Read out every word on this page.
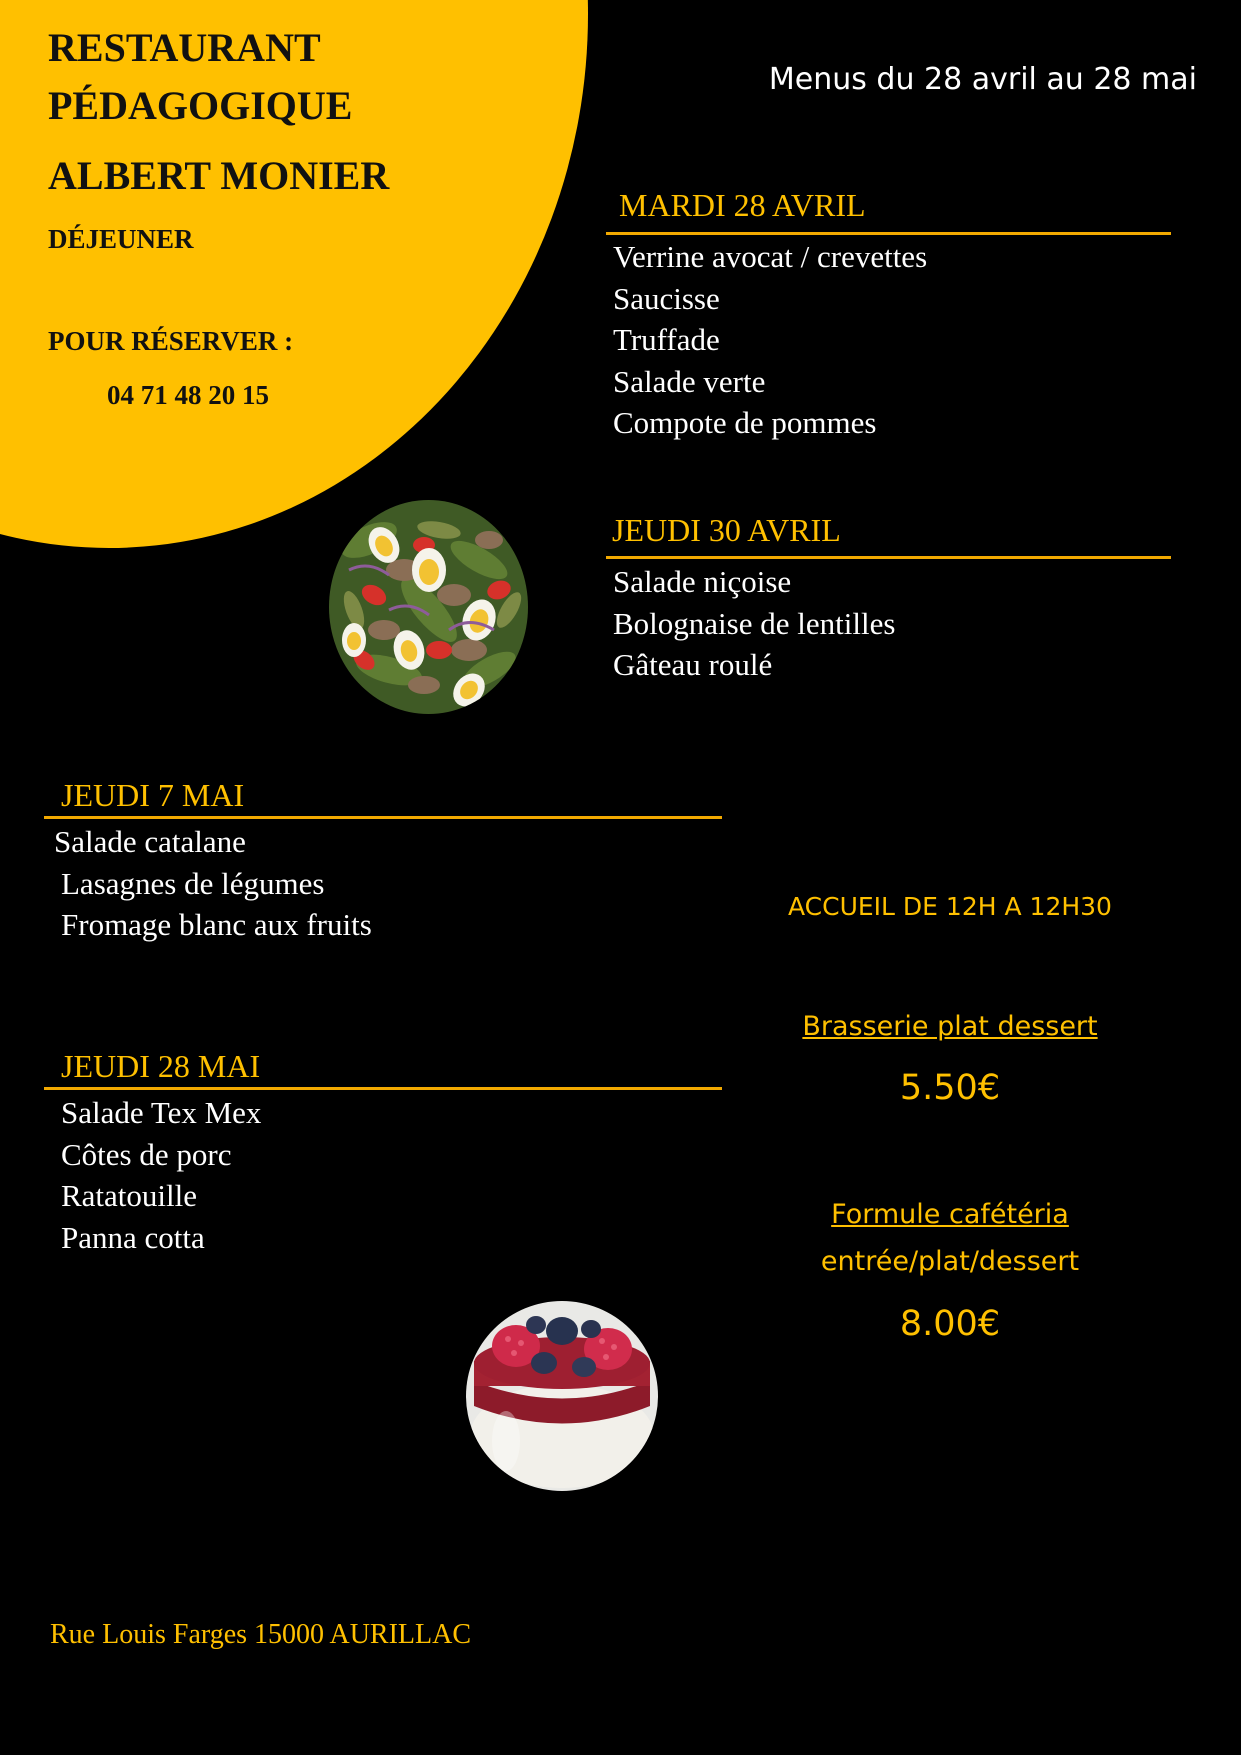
RESTAURANT
PÉDAGOGIQUE
ALBERT MONIER
DÉJEUNER
POUR RÉSERVER :
04 71 48 20 15
Menus du 28 avril au 28 mai
MARDI 28 AVRIL
Verrine avocat / crevettes
Saucisse
Truffade
Salade verte
Compote de pommes
JEUDI 30 AVRIL
Salade niçoise
Bolognaise de lentilles
Gâteau roulé
JEUDI 7 MAI
Salade catalane
Lasagnes de légumes
Fromage blanc aux fruits
JEUDI 28 MAI
Salade Tex Mex
Côtes de porc
Ratatouille
Panna cotta
ACCUEIL DE 12H A 12H30
Brasserie plat dessert
5.50€
Formule cafétéria
entrée/plat/dessert
8.00€
Rue Louis Farges 15000 AURILLAC
